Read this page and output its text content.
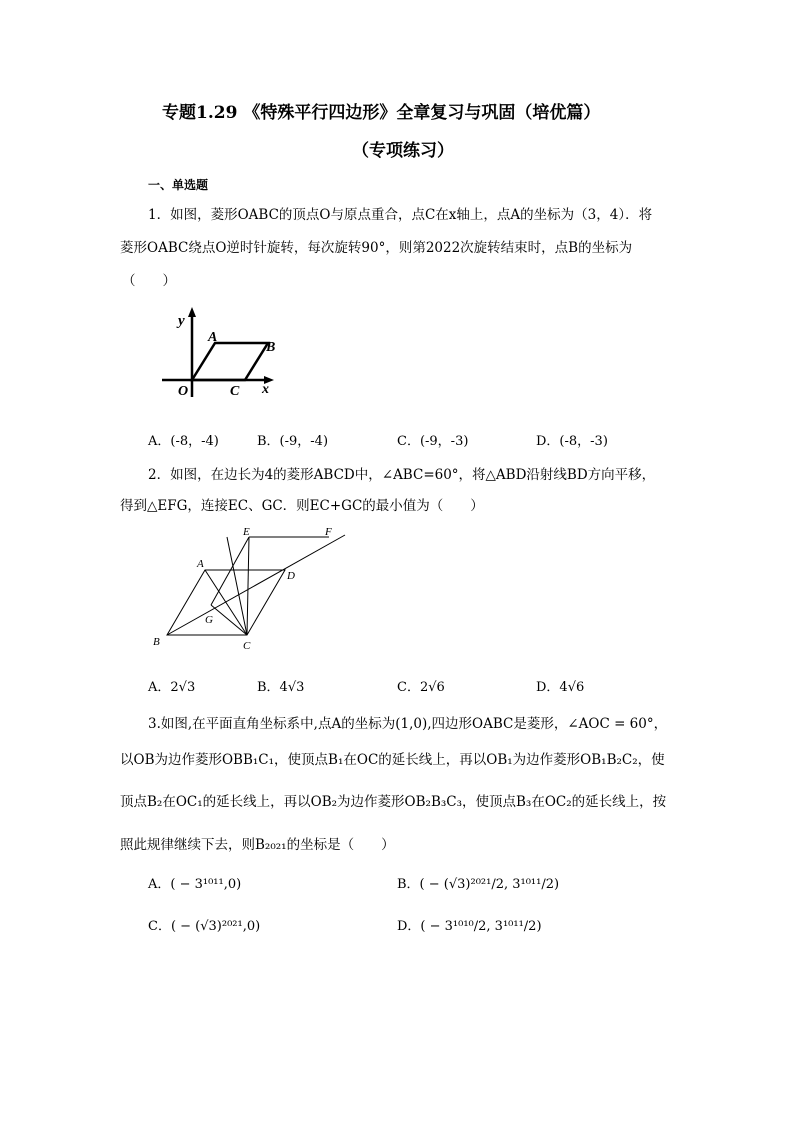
专题1.29 《特殊平行四边形》全章复习与巩固（培优篇）
（专项练习）
一、单选题
1．如图，菱形OABC的顶点O与原点重合，点C在x轴上，点A的坐标为（3，4）．将
菱形OABC绕点O逆时针旋转，每次旋转90°，则第2022次旋转结束时，点B的坐标为
（　　）
y
A
B
O	C x
A．(-8，-4)	B．(-9，-4)	C．(-9，-3)	D．(-8，-3)
2．如图，在边长为4的菱形ABCD中，∠ABC=60°，将△ABD沿射线BD方向平移，
得到△EFG，连接EC、GC．则EC+GC的最小值为（　　）
A
B	C
D
E	F
G
A．2√3	B．4√3	C．2√6	D．4√6
3.如图,在平面直角坐标系中,点A的坐标为(1,0),四边形OABC是菱形，∠AOC = 60°，
以OB为边作菱形OBB₁C₁，使顶点B₁在OC的延长线上，再以OB₁为边作菱形OB₁B₂C₂，使
顶点B₂在OC₁的延长线上，再以OB₂为边作菱形OB₂B₃C₃，使顶点B₃在OC₂的延长线上，按
照此规律继续下去，则B₂₀₂₁的坐标是（　　）
A．( − 3¹⁰¹¹,0)	B．( − (√3)²⁰²¹/2, 3¹⁰¹¹/2)
C．( − (√3)²⁰²¹,0)	D．( − 3¹⁰¹⁰/2, 3¹⁰¹¹/2)
